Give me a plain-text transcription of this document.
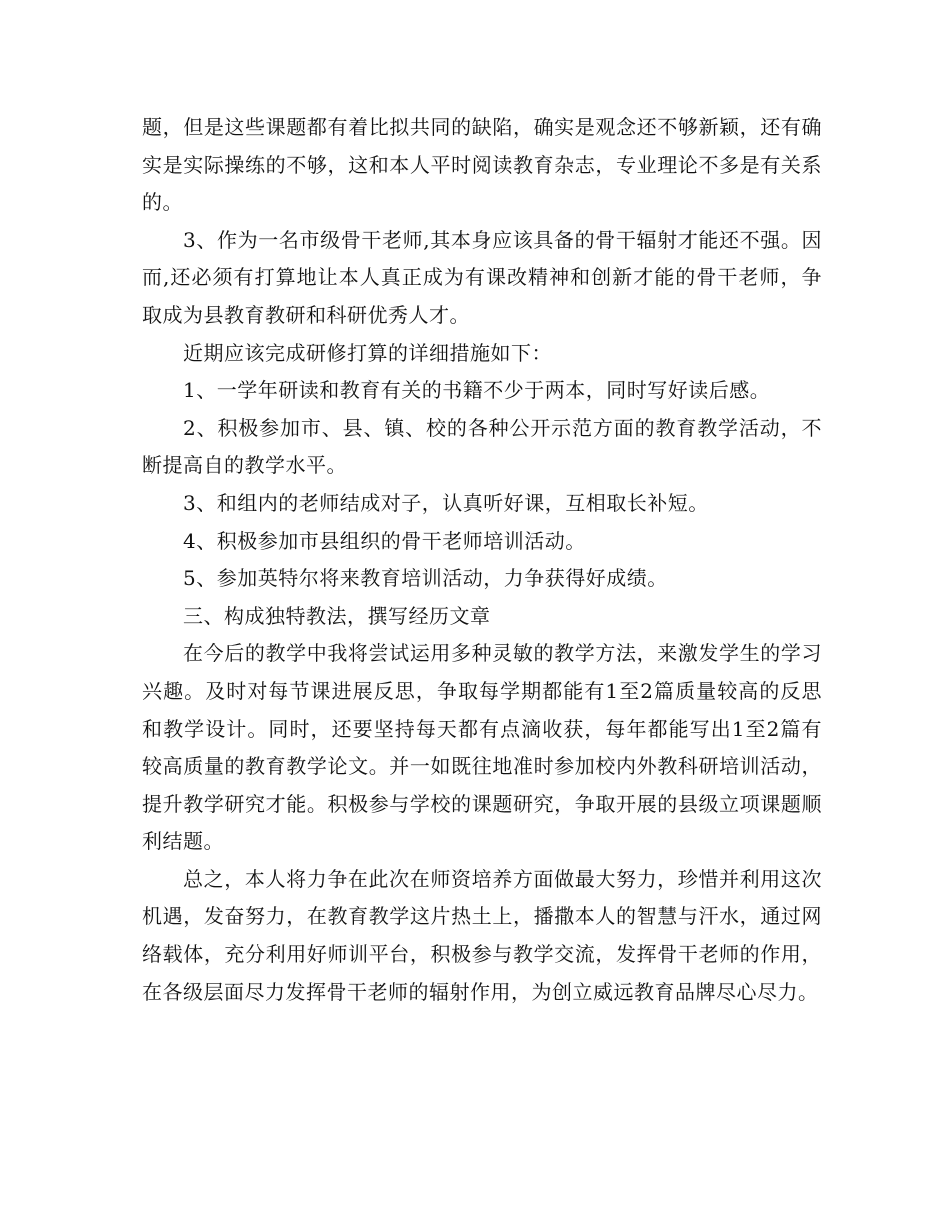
题，但是这些课题都有着比拟共同的缺陷，确实是观念还不够新颖，还有确实是实际操练的不够，这和本人平时阅读教育杂志，专业理论不多是有关系的。

3、作为一名市级骨干老师,其本身应该具备的骨干辐射才能还不强。因而,还必须有打算地让本人真正成为有课改精神和创新才能的骨干老师，争取成为县教育教研和科研优秀人才。

近期应该完成研修打算的详细措施如下：

1、一学年研读和教育有关的书籍不少于两本，同时写好读后感。

2、积极参加市、县、镇、校的各种公开示范方面的教育教学活动，不断提高自的教学水平。

3、和组内的老师结成对子，认真听好课，互相取长补短。

4、积极参加市县组织的骨干老师培训活动。

5、参加英特尔将来教育培训活动，力争获得好成绩。

三、构成独特教法，撰写经历文章

在今后的教学中我将尝试运用多种灵敏的教学方法，来激发学生的学习兴趣。及时对每节课进展反思，争取每学期都能有1至2篇质量较高的反思和教学设计。同时，还要坚持每天都有点滴收获，每年都能写出1至2篇有较高质量的教育教学论文。并一如既往地准时参加校内外教科研培训活动，提升教学研究才能。积极参与学校的课题研究，争取开展的县级立项课题顺利结题。

总之，本人将力争在此次在师资培养方面做最大努力，珍惜并利用这次机遇，发奋努力，在教育教学这片热土上，播撒本人的智慧与汗水，通过网络载体，充分利用好师训平台，积极参与教学交流，发挥骨干老师的作用，在各级层面尽力发挥骨干老师的辐射作用，为创立威远教育品牌尽心尽力。
